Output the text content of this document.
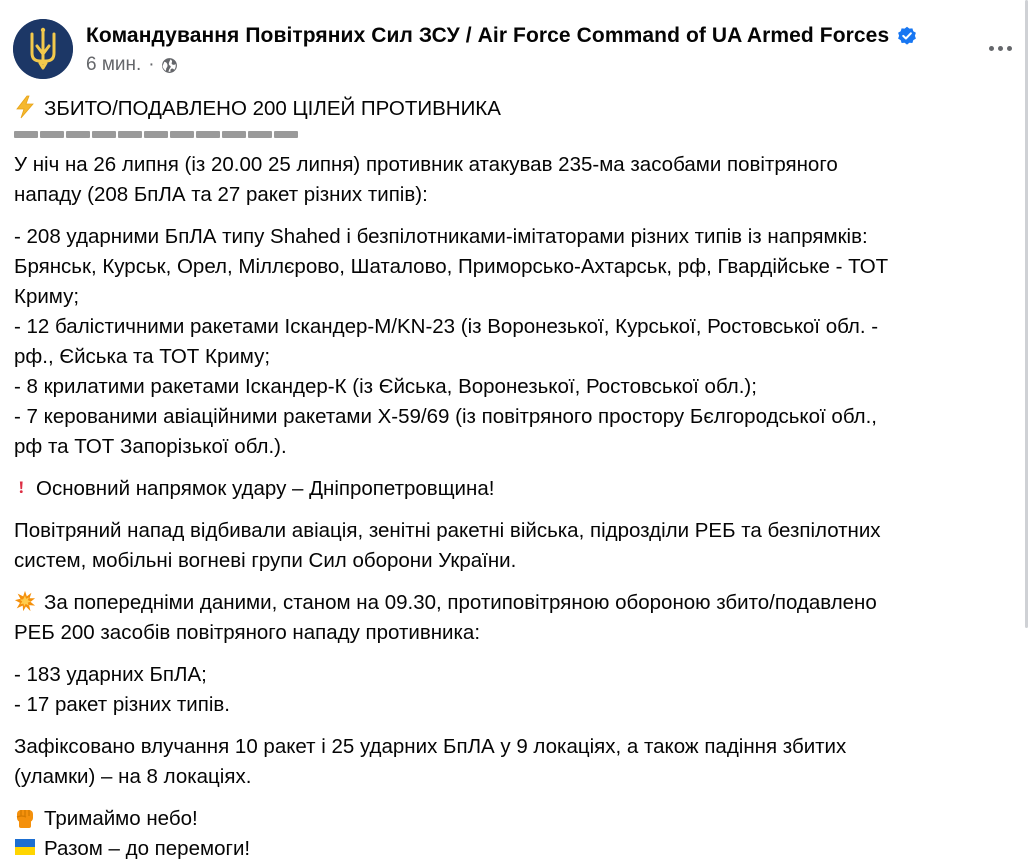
Командування Повітряних Сил ЗСУ / Air Force Command of UA Armed Forces
6 мин. ·

ЗБИТО/ПОДАВЛЕНО 200 ЦІЛЕЙ ПРОТИВНИКА

У ніч на 26 липня (із 20.00 25 липня) противник атакував 235-ма засобами повітряного

нападу (208 БпЛА та 27 ракет різних типів):

- 208 ударними БпЛА типу Shahed і безпілотниками-імітаторами різних типів із напрямків:

Брянськ, Курськ, Орел, Міллєрово, Шаталово, Приморсько-Ахтарськ, рф, Гвардійське - ТОТ

Криму;

- 12 балістичними ракетами Іскандер-М/KN-23 (із Воронезької, Курської, Ростовської обл. -

рф., Єйська та ТОТ Криму;

- 8 крилатими ракетами Іскандер-К (із Єйська, Воронезької, Ростовської обл.);

- 7 керованими авіаційними ракетами Х-59/69 (із повітряного простору Бєлгородської обл.,

рф та ТОТ Запорізької обл.).

Основний напрямок удару – Дніпропетровщина!

Повітряний напад відбивали авіація, зенітні ракетні війська, підрозділи РЕБ та безпілотних

систем, мобільні вогневі групи Сил оборони України.

За попередніми даними, станом на 09.30, протиповітряною обороною збито/подавлено

РЕБ 200 засобів повітряного нападу противника:

- 183 ударних БпЛА;

- 17 ракет різних типів.

Зафіксовано влучання 10 ракет і 25 ударних БпЛА у 9 локаціях, а також падіння збитих

(уламки) – на 8 локаціях.

Тримаймо небо!

Разом – до перемоги!
